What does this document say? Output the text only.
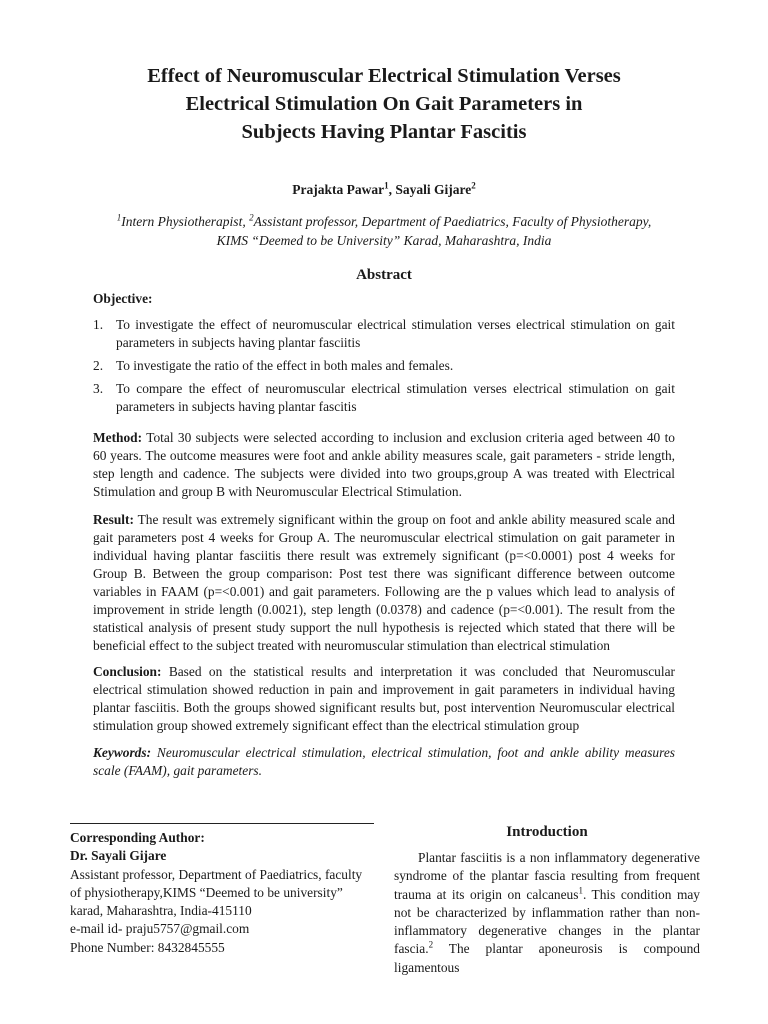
Effect of Neuromuscular Electrical Stimulation Verses
Electrical Stimulation On Gait Parameters in
Subjects Having Plantar Fascitis
Prajakta Pawar$^1$, Sayali Gijare$^2$
$^1$Intern Physiotherapist, $^2$Assistant professor, Department of Paediatrics, Faculty of Physiotherapy,
KIMS “Deemed to be University” Karad, Maharashtra, India
Abstract
Objective:
1. To investigate the effect of neuromuscular electrical stimulation verses electrical stimulation on gait parameters in subjects having plantar fasciitis
2. To investigate the ratio of the effect in both males and females.
3. To compare the effect of neuromuscular electrical stimulation verses electrical stimulation on gait parameters in subjects having plantar fascitis
Method: Total 30 subjects were selected according to inclusion and exclusion criteria aged between 40 to 60 years. The outcome measures were foot and ankle ability measures scale, gait parameters - stride length, step length and cadence. The subjects were divided into two groups,group A was treated with Electrical Stimulation and group B with Neuromuscular Electrical Stimulation.
Result: The result was extremely significant within the group on foot and ankle ability measured scale and gait parameters post 4 weeks for Group A. The neuromuscular electrical stimulation on gait parameter in individual having plantar fasciitis there result was extremely significant (p=<0.0001) post 4 weeks for Group B. Between the group comparison: Post test there was significant difference between outcome variables in FAAM (p=<0.001) and gait parameters. Following are the p values which lead to analysis of improvement in stride length (0.0021), step length (0.0378) and cadence (p=<0.001). The result from the statistical analysis of present study support the null hypothesis is rejected which stated that there will be beneficial effect to the subject treated with neuromuscular stimulation than electrical stimulation
Conclusion: Based on the statistical results and interpretation it was concluded that Neuromuscular electrical stimulation showed reduction in pain and improvement in gait parameters in individual having plantar fasciitis. Both the groups showed significant results but, post intervention Neuromuscular electrical stimulation group showed extremely significant effect than the electrical stimulation group
Keywords: Neuromuscular electrical stimulation, electrical stimulation, foot and ankle ability measures scale (FAAM), gait parameters.
Corresponding Author:
Dr. Sayali Gijare
Assistant professor, Department of Paediatrics, faculty
of physiotherapy,KIMS “Deemed to be university”
karad, Maharashtra, India-415110
e-mail id- praju5757@gmail.com
Phone Number: 8432845555
Introduction
Plantar fasciitis is a non inflammatory degenerative syndrome of the plantar fascia resulting from frequent trauma at its origin on calcaneus$^1$. This condition may not be characterized by inflammation rather than non-inflammatory degenerative changes in the plantar fascia.$^2$ The plantar aponeurosis is compound ligamentous
